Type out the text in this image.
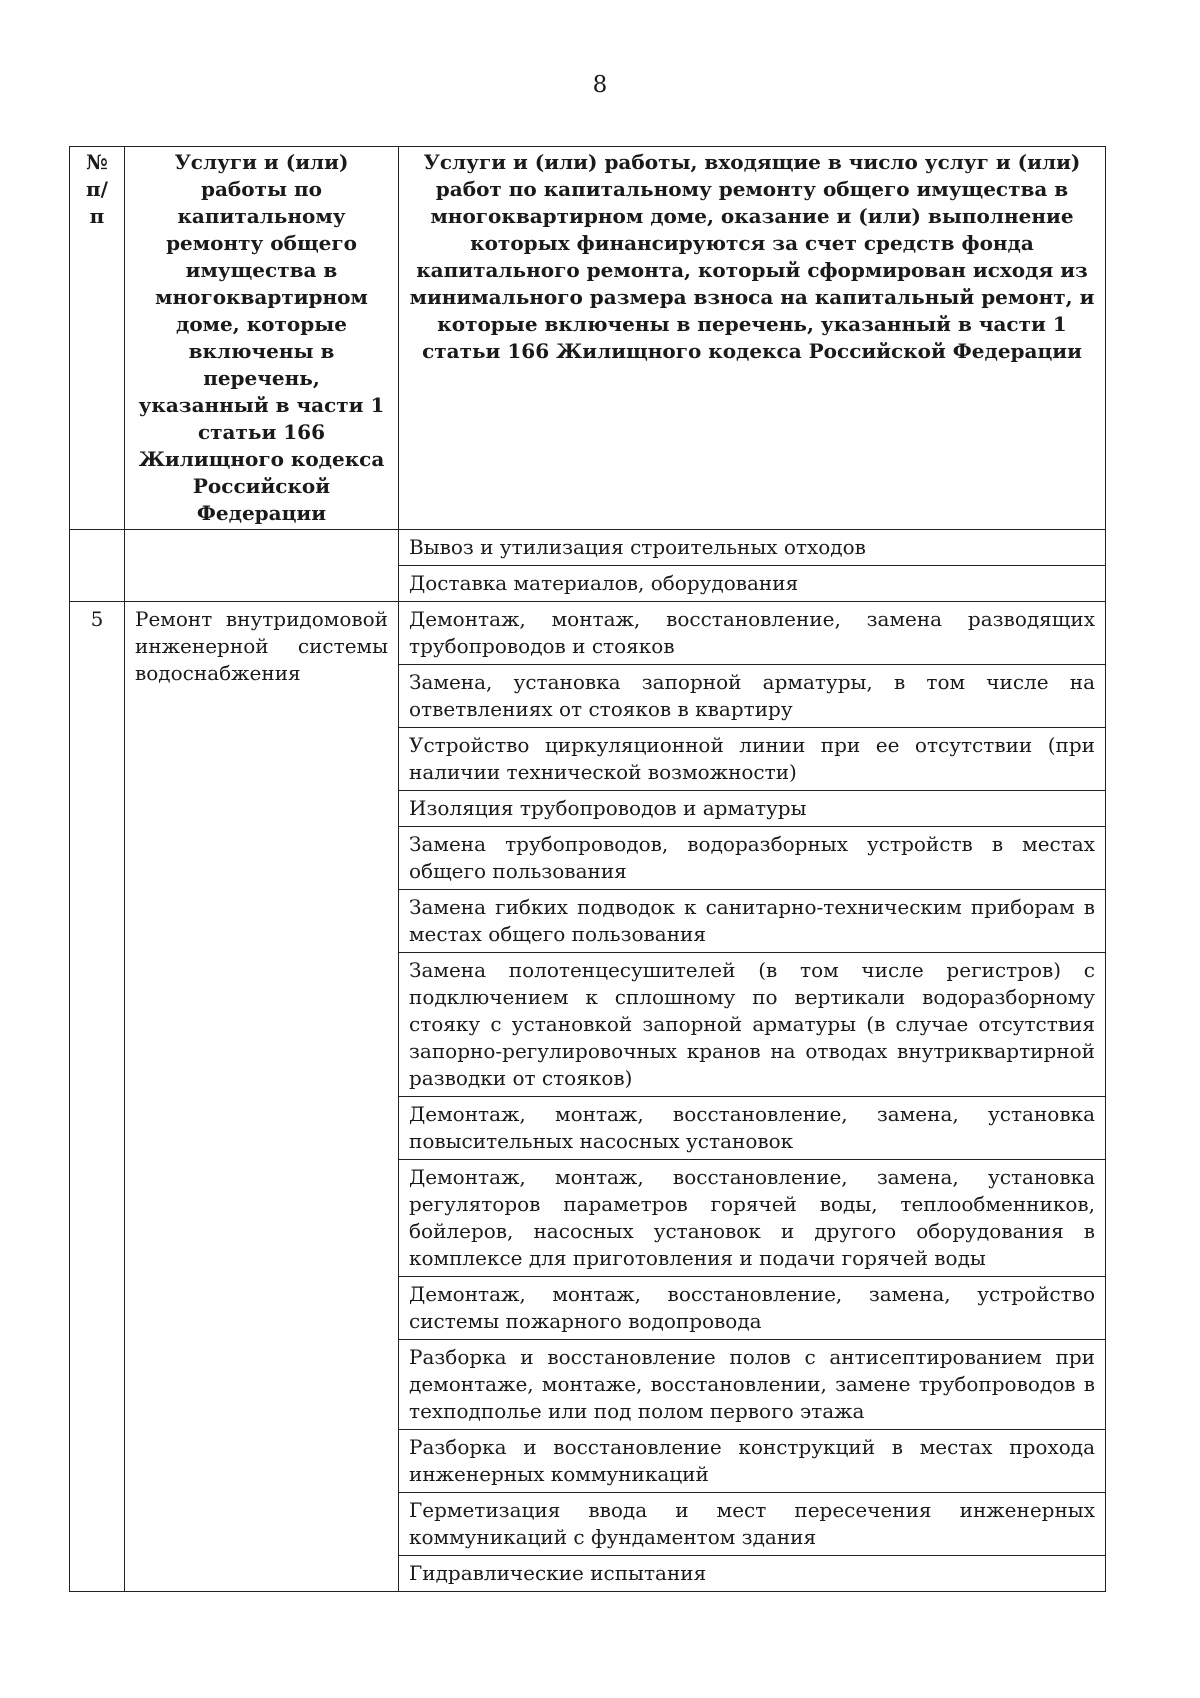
8
№ п/п	Услуги и (или) работы по капитальному ремонту общего имущества в многоквартирном доме, которые включены в перечень, указанный в части 1 статьи 166 Жилищного кодекса Российской Федерации	Услуги и (или) работы, входящие в число услуг и (или) работ по капитальному ремонту общего имущества в многоквартирном доме, оказание и (или) выполнение которых финансируются за счет средств фонда капитального ремонта, который сформирован исходя из минимального размера взноса на капитальный ремонт, и которые включены в перечень, указанный в части 1 статьи 166 Жилищного кодекса Российской Федерации
		Вывоз и утилизация строительных отходов
		Доставка материалов, оборудования
5	Ремонт внутридомовой инженерной системы водоснабжения	Демонтаж, монтаж, восстановление, замена разводящих трубопроводов и стояков
		Замена, установка запорной арматуры, в том числе на ответвлениях от стояков в квартиру
		Устройство циркуляционной линии при ее отсутствии (при наличии технической возможности)
		Изоляция трубопроводов и арматуры
		Замена трубопроводов, водоразборных устройств в местах общего пользования
		Замена гибких подводок к санитарно-техническим приборам в местах общего пользования
		Замена полотенцесушителей (в том числе регистров) с подключением к сплошному по вертикали водоразборному стояку с установкой запорной арматуры (в случае отсутствия запорно-регулировочных кранов на отводах внутриквартирной разводки от стояков)
		Демонтаж, монтаж, восстановление, замена, установка повысительных насосных установок
		Демонтаж, монтаж, восстановление, замена, установка регуляторов параметров горячей воды, теплообменников, бойлеров, насосных установок и другого оборудования в комплексе для приготовления и подачи горячей воды
		Демонтаж, монтаж, восстановление, замена, устройство системы пожарного водопровода
		Разборка и восстановление полов с антисептированием при демонтаже, монтаже, восстановлении, замене трубопроводов в техподполье или под полом первого этажа
		Разборка и восстановление конструкций в местах прохода инженерных коммуникаций
		Герметизация ввода и мест пересечения инженерных коммуникаций с фундаментом здания
		Гидравлические испытания
